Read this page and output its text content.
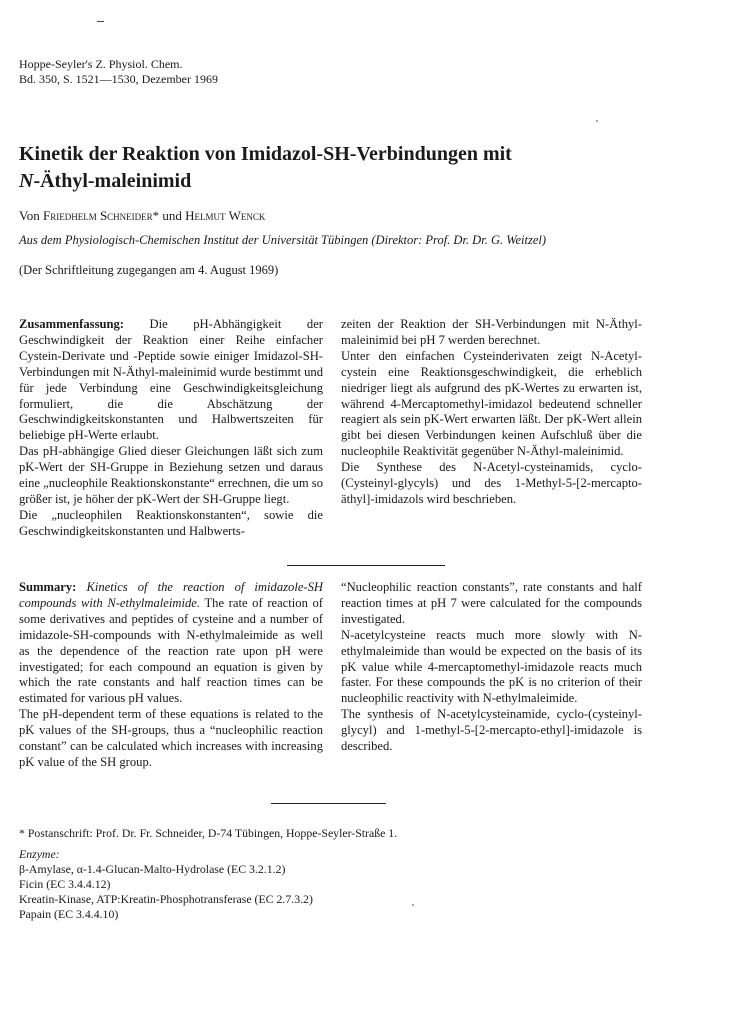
Hoppe-Seyler's Z. Physiol. Chem.
Bd. 350, S. 1521—1530, Dezember 1969
Kinetik der Reaktion von Imidazol-SH-Verbindungen mit
N-Äthyl-maleinimid
Von Friedhelm Schneider* und Helmut Wenck
Aus dem Physiologisch-Chemischen Institut der Universität Tübingen (Direktor: Prof. Dr. Dr. G. Weitzel)
(Der Schriftleitung zugegangen am 4. August 1969)

Zusammenfassung: Die pH-Abhängigkeit der Geschwindigkeit der Reaktion einer Reihe einfacher Cystein-Derivate und -Peptide sowie einiger Imidazol-SH-Verbindungen mit N-Äthyl-maleinimid wurde bestimmt und für jede Verbindung eine Geschwindigkeitsgleichung formuliert, die die Abschätzung der Geschwindigkeitskonstanten und Halbwertszeiten für beliebige pH-Werte erlaubt.

Das pH-abhängige Glied dieser Gleichungen läßt sich zum pK-Wert der SH-Gruppe in Beziehung setzen und daraus eine „nucleophile Reaktionskonstante“ errechnen, die um so größer ist, je höher der pK-Wert der SH-Gruppe liegt.

Die „nucleophilen Reaktionskonstanten“, sowie die Geschwindigkeitskonstanten und Halbwerts-

zeiten der Reaktion der SH-Verbindungen mit N-Äthyl-maleinimid bei pH 7 werden berechnet.

Unter den einfachen Cysteinderivaten zeigt N-Acetyl-cystein eine Reaktionsgeschwindigkeit, die erheblich niedriger liegt als aufgrund des pK-Wertes zu erwarten ist, während 4-Mercaptomethyl-imidazol bedeutend schneller reagiert als sein pK-Wert erwarten läßt. Der pK-Wert allein gibt bei diesen Verbindungen keinen Aufschluß über die nucleophile Reaktivität gegenüber N-Äthyl-maleinimid.

Die Synthese des N-Acetyl-cysteinamids, cyclo-(Cysteinyl-glycyls) und des 1-Methyl-5-[2-mercapto-äthyl]-imidazols wird beschrieben.

Summary: Kinetics of the reaction of imidazole-SH compounds with N-ethylmaleimide. The rate of reaction of some derivatives and peptides of cysteine and a number of imidazole-SH-compounds with N-ethylmaleimide as well as the dependence of the reaction rate upon pH were investigated; for each compound an equation is given by which the rate constants and half reaction times can be estimated for various pH values.

The pH-dependent term of these equations is related to the pK values of the SH-groups, thus a “nucleophilic reaction constant” can be calculated which increases with increasing pK value of the SH group.

“Nucleophilic reaction constants”, rate constants and half reaction times at pH 7 were calculated for the compounds investigated.

N-acetylcysteine reacts much more slowly with N-ethylmaleimide than would be expected on the basis of its pK value while 4-mercaptomethyl-imidazole reacts much faster. For these compounds the pK is no criterion of their nucleophilic reactivity with N-ethylmaleimide.

The synthesis of N-acetylcysteinamide, cyclo-(cysteinyl-glycyl) and 1-methyl-5-[2-mercapto-ethyl]-imidazole is described.

* Postanschrift: Prof. Dr. Fr. Schneider, D-74 Tübingen, Hoppe-Seyler-Straße 1.
Enzyme:
β-Amylase, α-1.4-Glucan-Malto-Hydrolase (EC 3.2.1.2)
Ficin (EC 3.4.4.12)
Kreatin-Kinase, ATP:Kreatin-Phosphotransferase (EC 2.7.3.2)
Papain (EC 3.4.4.10)
